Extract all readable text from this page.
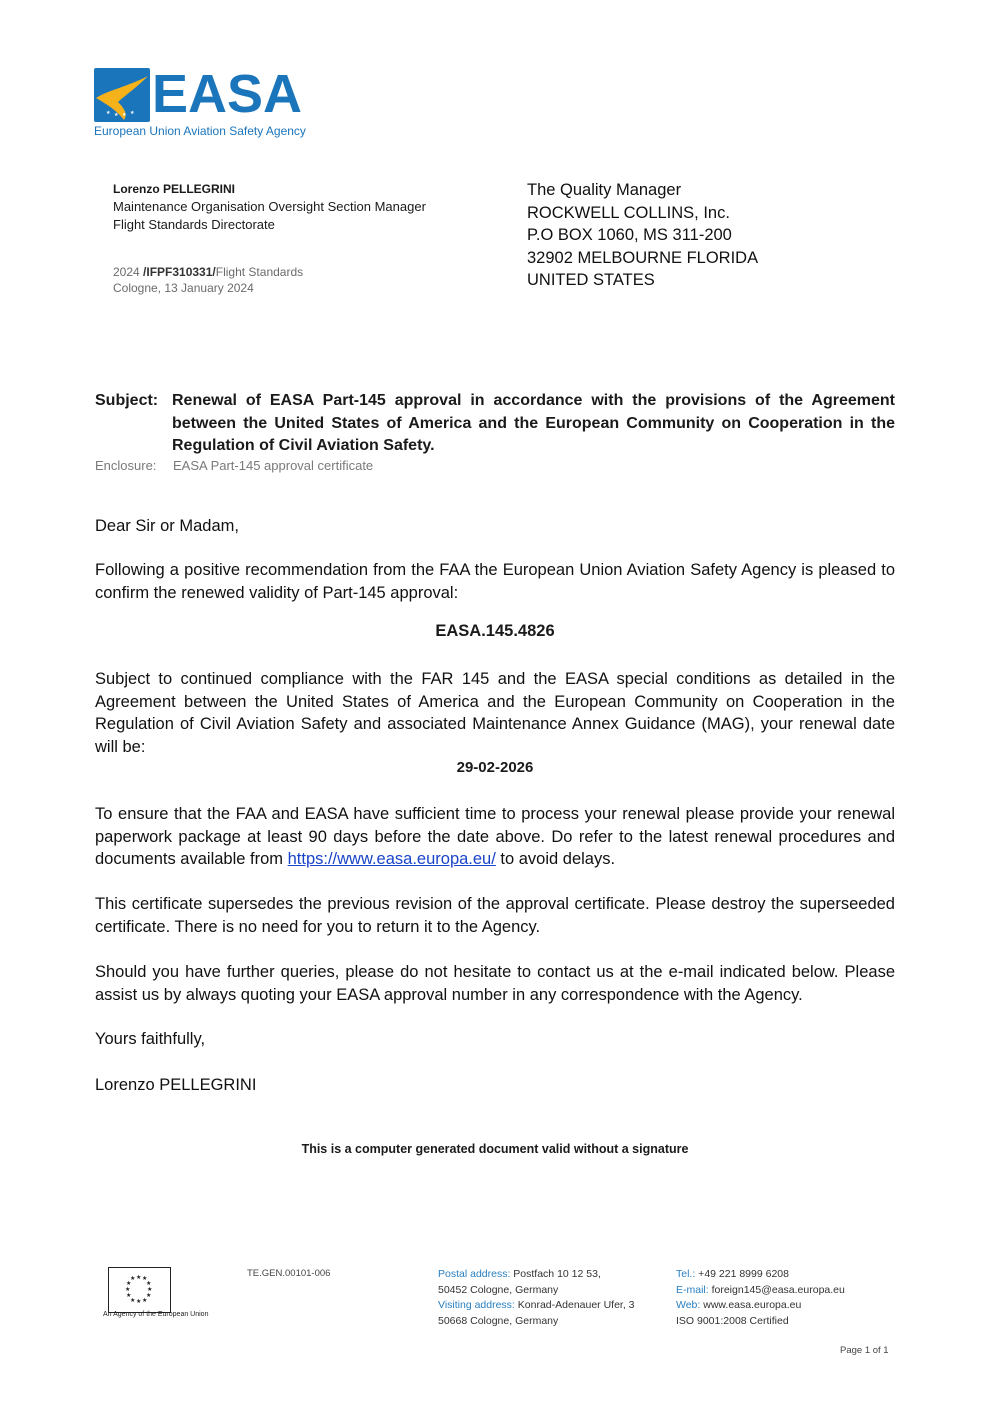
★ ★ ★ ★ EASA
European Union Aviation Safety Agency
Lorenzo PELLEGRINI
Maintenance Organisation Oversight Section Manager
Flight Standards Directorate
2024 /IFPF310331/Flight Standards
Cologne, 13 January 2024
The Quality Manager
ROCKWELL COLLINS, Inc.
P.O BOX 1060, MS 311-200
32902 MELBOURNE FLORIDA
UNITED STATES
Subject: Renewal of EASA Part-145 approval in accordance with the provisions of the Agreement between the United States of America and the European Community on Cooperation in the Regulation of Civil Aviation Safety.
Enclosure: EASA Part-145 approval certificate
Dear Sir or Madam,
Following a positive recommendation from the FAA the European Union Aviation Safety Agency is pleased to confirm the renewed validity of Part-145 approval:
EASA.145.4826
Subject to continued compliance with the FAR 145 and the EASA special conditions as detailed in the Agreement between the United States of America and the European Community on Cooperation in the Regulation of Civil Aviation Safety and associated Maintenance Annex Guidance (MAG), your renewal date will be:
29-02-2026
To ensure that the FAA and EASA have sufficient time to process your renewal please provide your renewal paperwork package at least 90 days before the date above. Do refer to the latest renewal procedures and documents available from https://www.easa.europa.eu/ to avoid delays.
This certificate supersedes the previous revision of the approval certificate. Please destroy the superseeded certificate. There is no need for you to return it to the Agency.
Should you have further queries, please do not hesitate to contact us at the e-mail indicated below. Please assist us by always quoting your EASA approval number in any correspondence with the Agency.
Yours faithfully,
Lorenzo PELLEGRINI
This is a computer generated document valid without a signature
★ ★
★
★
★
★
★
★
★
★
★
★
An Agency of the European Union
TE.GEN.00101-006	Postal address: Postfach 10 12 53,
50452 Cologne, Germany
Visiting address: Konrad-Adenauer Ufer, 3
50668 Cologne, Germany
Tel.: +49 221 8999 6208
E-mail: foreign145@easa.europa.eu
Web: www.easa.europa.eu
ISO 9001:2008 Certified
Page 1 of 1
